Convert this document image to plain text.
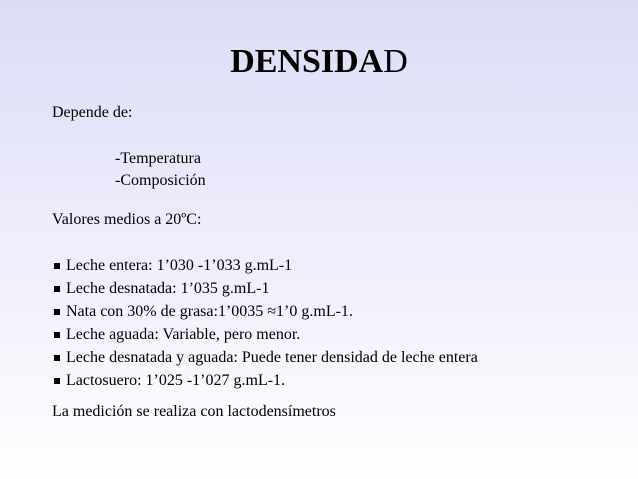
DENSIDAD
Depende de:
-Temperatura
-Composición
Valores medios a 20ºC:
Leche entera: 1’030 -1’033 g.mL-1
Leche desnatada: 1’035 g.mL-1
Nata con 30% de grasa:1’0035 ≈1’0 g.mL-1.
Leche aguada: Variable, pero menor.
Leche desnatada y aguada: Puede tener densidad de leche entera
Lactosuero: 1’025 -1’027 g.mL-1.
La medición se realiza con lactodensímetros
